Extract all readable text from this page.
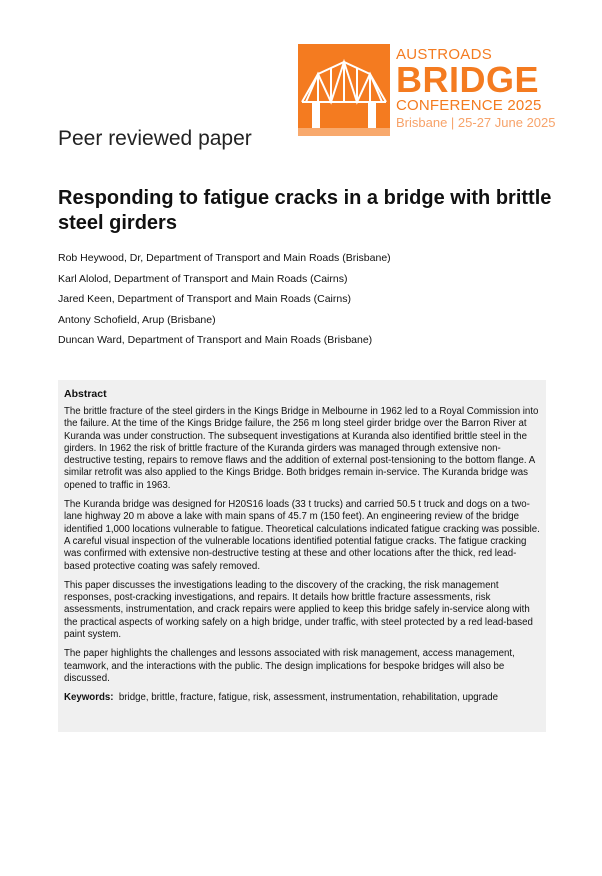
AUSTROADS
BRIDGE
CONFERENCE 2025
Brisbane | 25-27 June 2025
Peer reviewed paper
Responding to fatigue cracks in a bridge with brittle steel girders
Rob Heywood, Dr, Department of Transport and Main Roads (Brisbane)
Karl Alolod, Department of Transport and Main Roads (Cairns)
Jared Keen, Department of Transport and Main Roads (Cairns)
Antony Schofield, Arup (Brisbane)
Duncan Ward, Department of Transport and Main Roads (Brisbane)
Abstract

The brittle fracture of the steel girders in the Kings Bridge in Melbourne in 1962 led to a Royal Commission into the failure. At the time of the Kings Bridge failure, the 256 m long steel girder bridge over the Barron River at Kuranda was under construction. The subsequent investigations at Kuranda also identified brittle steel in the girders. In 1962 the risk of brittle fracture of the Kuranda girders was managed through extensive non-destructive testing, repairs to remove flaws and the addition of external post-tensioning to the bottom flange. A similar retrofit was also applied to the Kings Bridge. Both bridges remain in-service. The Kuranda bridge was opened to traffic in 1963.

The Kuranda bridge was designed for H20S16 loads (33 t trucks) and carried 50.5 t truck and dogs on a two-lane highway 20 m above a lake with main spans of 45.7 m (150 feet). An engineering review of the bridge identified 1,000 locations vulnerable to fatigue. Theoretical calculations indicated fatigue cracking was possible. A careful visual inspection of the vulnerable locations identified potential fatigue cracks. The fatigue cracking was confirmed with extensive non-destructive testing at these and other locations after the thick, red lead-based protective coating was safely removed.

This paper discusses the investigations leading to the discovery of the cracking, the risk management responses, post-cracking investigations, and repairs. It details how brittle fracture assessments, risk assessments, instrumentation, and crack repairs were applied to keep this bridge safely in-service along with the practical aspects of working safely on a high bridge, under traffic, with steel protected by a red lead-based paint system.

The paper highlights the challenges and lessons associated with risk management, access management, teamwork, and the interactions with the public. The design implications for bespoke bridges will also be discussed.

Keywords: bridge, brittle, fracture, fatigue, risk, assessment, instrumentation, rehabilitation, upgrade
